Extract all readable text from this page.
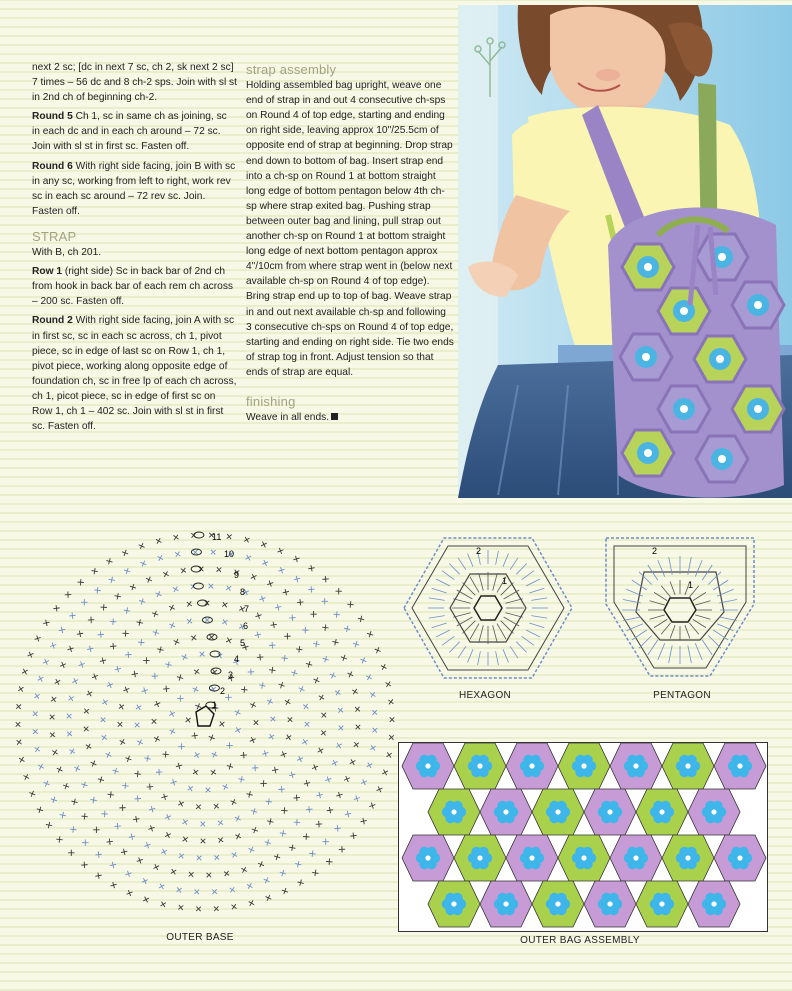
next 2 sc; [dc in next 7 sc, ch 2, sk next 2 sc] 7 times – 56 dc and 8 ch-2 sps. Join with sl st in 2nd ch of beginning ch-2.

Round 5 Ch 1, sc in same ch as joining, sc in each dc and in each ch around – 72 sc. Join with sl st in first sc. Fasten off.

Round 6 With right side facing, join B with sc in any sc, working from left to right, work rev sc in each sc around – 72 rev sc. Join. Fasten off.

STRAP

With B, ch 201.

Row 1 (right side) Sc in back bar of 2nd ch from hook in back bar of each rem ch across – 200 sc. Fasten off.

Round 2 With right side facing, join A with sc in first sc, sc in each sc across, ch 1, pivot piece, sc in edge of last sc on Row 1, ch 1, pivot piece, working along opposite edge of foundation ch, sc in free lp of each ch across, ch 1, picot piece, sc in edge of first sc on Row 1, ch 1 – 402 sc. Join with sl st in first sc. Fasten off.

strap assembly

Holding assembled bag upright, weave one end of strap in and out 4 consecutive ch-sps on Round 4 of top edge, starting and ending on right side, leaving approx 10"/25.5cm of opposite end of strap at beginning. Drop strap end down to bottom of bag. Insert strap end into a ch-sp on Round 1 at bottom straight long edge of bottom pentagon below 4th ch-sp where strap exited bag. Pushing strap between outer bag and lining, pull strap out another ch-sp on Round 1 at bottom straight long edge of next bottom pentagon approx 4"/10cm from where strap went in (below next available ch-sp on Round 4 of top edge). Bring strap end up to top of bag. Weave strap in and out next available ch-sp and following 3 consecutive ch-sps on Round 4 of top edge, starting and ending on right side. Tie two ends of strap tog in front. Adjust tension so that ends of strap are equal.

finishing

Weave in all ends.

1
2
3
4
5
6
7
8
9
10
11
OUTER BASE
2
1
HEXAGON
2
1
PENTAGON
OUTER BAG ASSEMBLY
